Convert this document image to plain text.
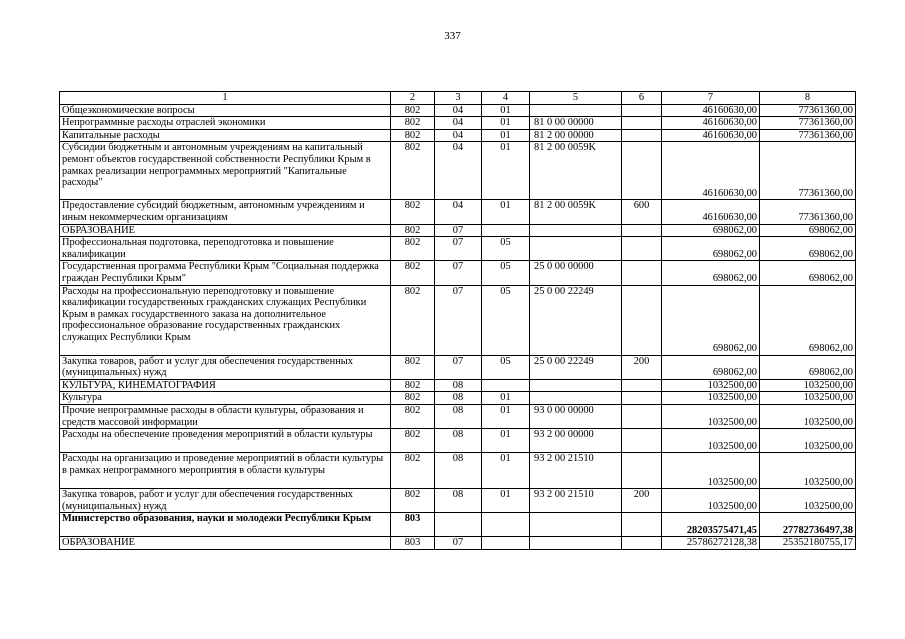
337
1	2	3	4	5	6	7	8
Общеэкономические вопросы	802	04	01			46160630,00	77361360,00
Непрограммные расходы отраслей экономики	802	04	01	81 0 00 00000		46160630,00	77361360,00
Капитальные расходы	802	04	01	81 2 00 00000		46160630,00	77361360,00
Субсидии бюджетным и автономным учреждениям на капитальный ремонт объектов государственной собственности Республики Крым в рамках реализации непрограммных мероприятий "Капитальные расходы"	802	04	01	81 2 00 0059K		46160630,00	77361360,00
Предоставление субсидий бюджетным, автономным учреждениям и иным некоммерческим организациям	802	04	01	81 2 00 0059K	600	46160630,00	77361360,00
ОБРАЗОВАНИЕ	802	07				698062,00	698062,00
Профессиональная подготовка, переподготовка и повышение квалификации	802	07	05			698062,00	698062,00
Государственная программа Республики Крым "Социальная поддержка граждан Республики Крым"	802	07	05	25 0 00 00000		698062,00	698062,00
Расходы на профессиональную переподготовку и повышение квалификации государственных гражданских служащих Республики Крым в рамках государственного заказа на дополнительное профессиональное образование государственных гражданских служащих Республики Крым	802	07	05	25 0 00 22249		698062,00	698062,00
Закупка товаров, работ и услуг для обеспечения государственных (муниципальных) нужд	802	07	05	25 0 00 22249	200	698062,00	698062,00
КУЛЬТУРА, КИНЕМАТОГРАФИЯ	802	08				1032500,00	1032500,00
Культура	802	08	01			1032500,00	1032500,00
Прочие непрограммные расходы в области культуры, образования и средств массовой информации	802	08	01	93 0 00 00000		1032500,00	1032500,00
Расходы на обеспечение проведения мероприятий в области культуры	802	08	01	93 2 00 00000		1032500,00	1032500,00
Расходы на организацию и проведение мероприятий в области культуры в рамках непрограммного мероприятия в области культуры	802	08	01	93 2 00 21510		1032500,00	1032500,00
Закупка товаров, работ и услуг для обеспечения государственных (муниципальных) нужд	802	08	01	93 2 00 21510	200	1032500,00	1032500,00
Министерство образования, науки и молодежи Республики Крым	803					28203575471,45	27782736497,38
ОБРАЗОВАНИЕ	803	07				25786272128,38	25352180755,17
